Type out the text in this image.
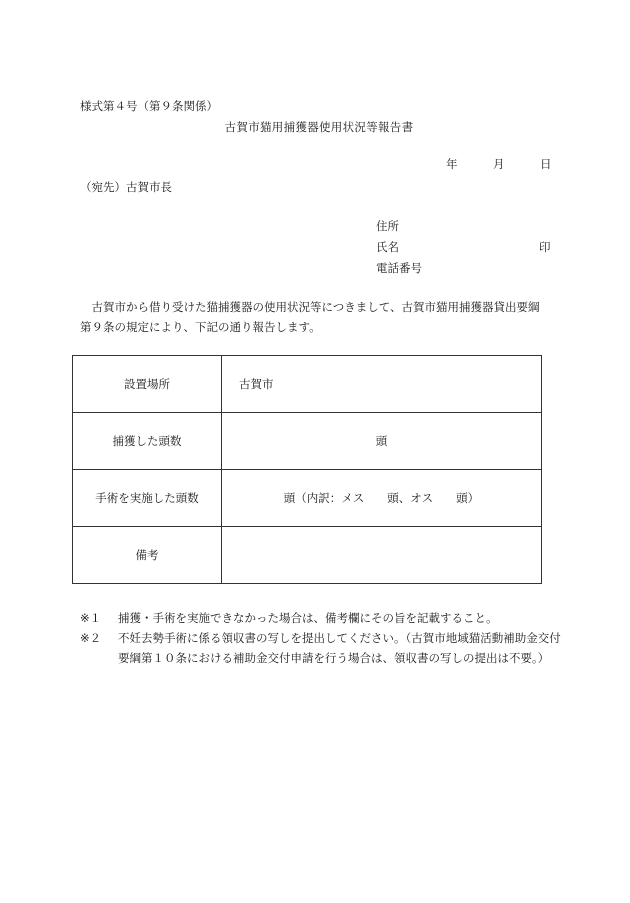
様式第４号（第９条関係）
古賀市猫用捕獲器使用状況等報告書
年	月	日
（宛先）古賀市長
住所
氏名	印
電話番号

古賀市から借り受けた猫捕獲器の使用状況等につきまして、古賀市猫用捕獲器貸出要綱

第９条の規定により、下記の通り報告します。

設置場所	古賀市
捕獲した頭数	頭
手術を実施した頭数	頭（内訳：メス　　頭、オス　　頭）
備考	
※１	捕獲・手術を実施できなかった場合は、備考欄にその旨を記載すること。
※２	不妊去勢手術に係る領収書の写しを提出してください。（古賀市地域猫活動補助金交付要綱第１０条における補助金交付申請を行う場合は、領収書の写しの提出は不要。）
